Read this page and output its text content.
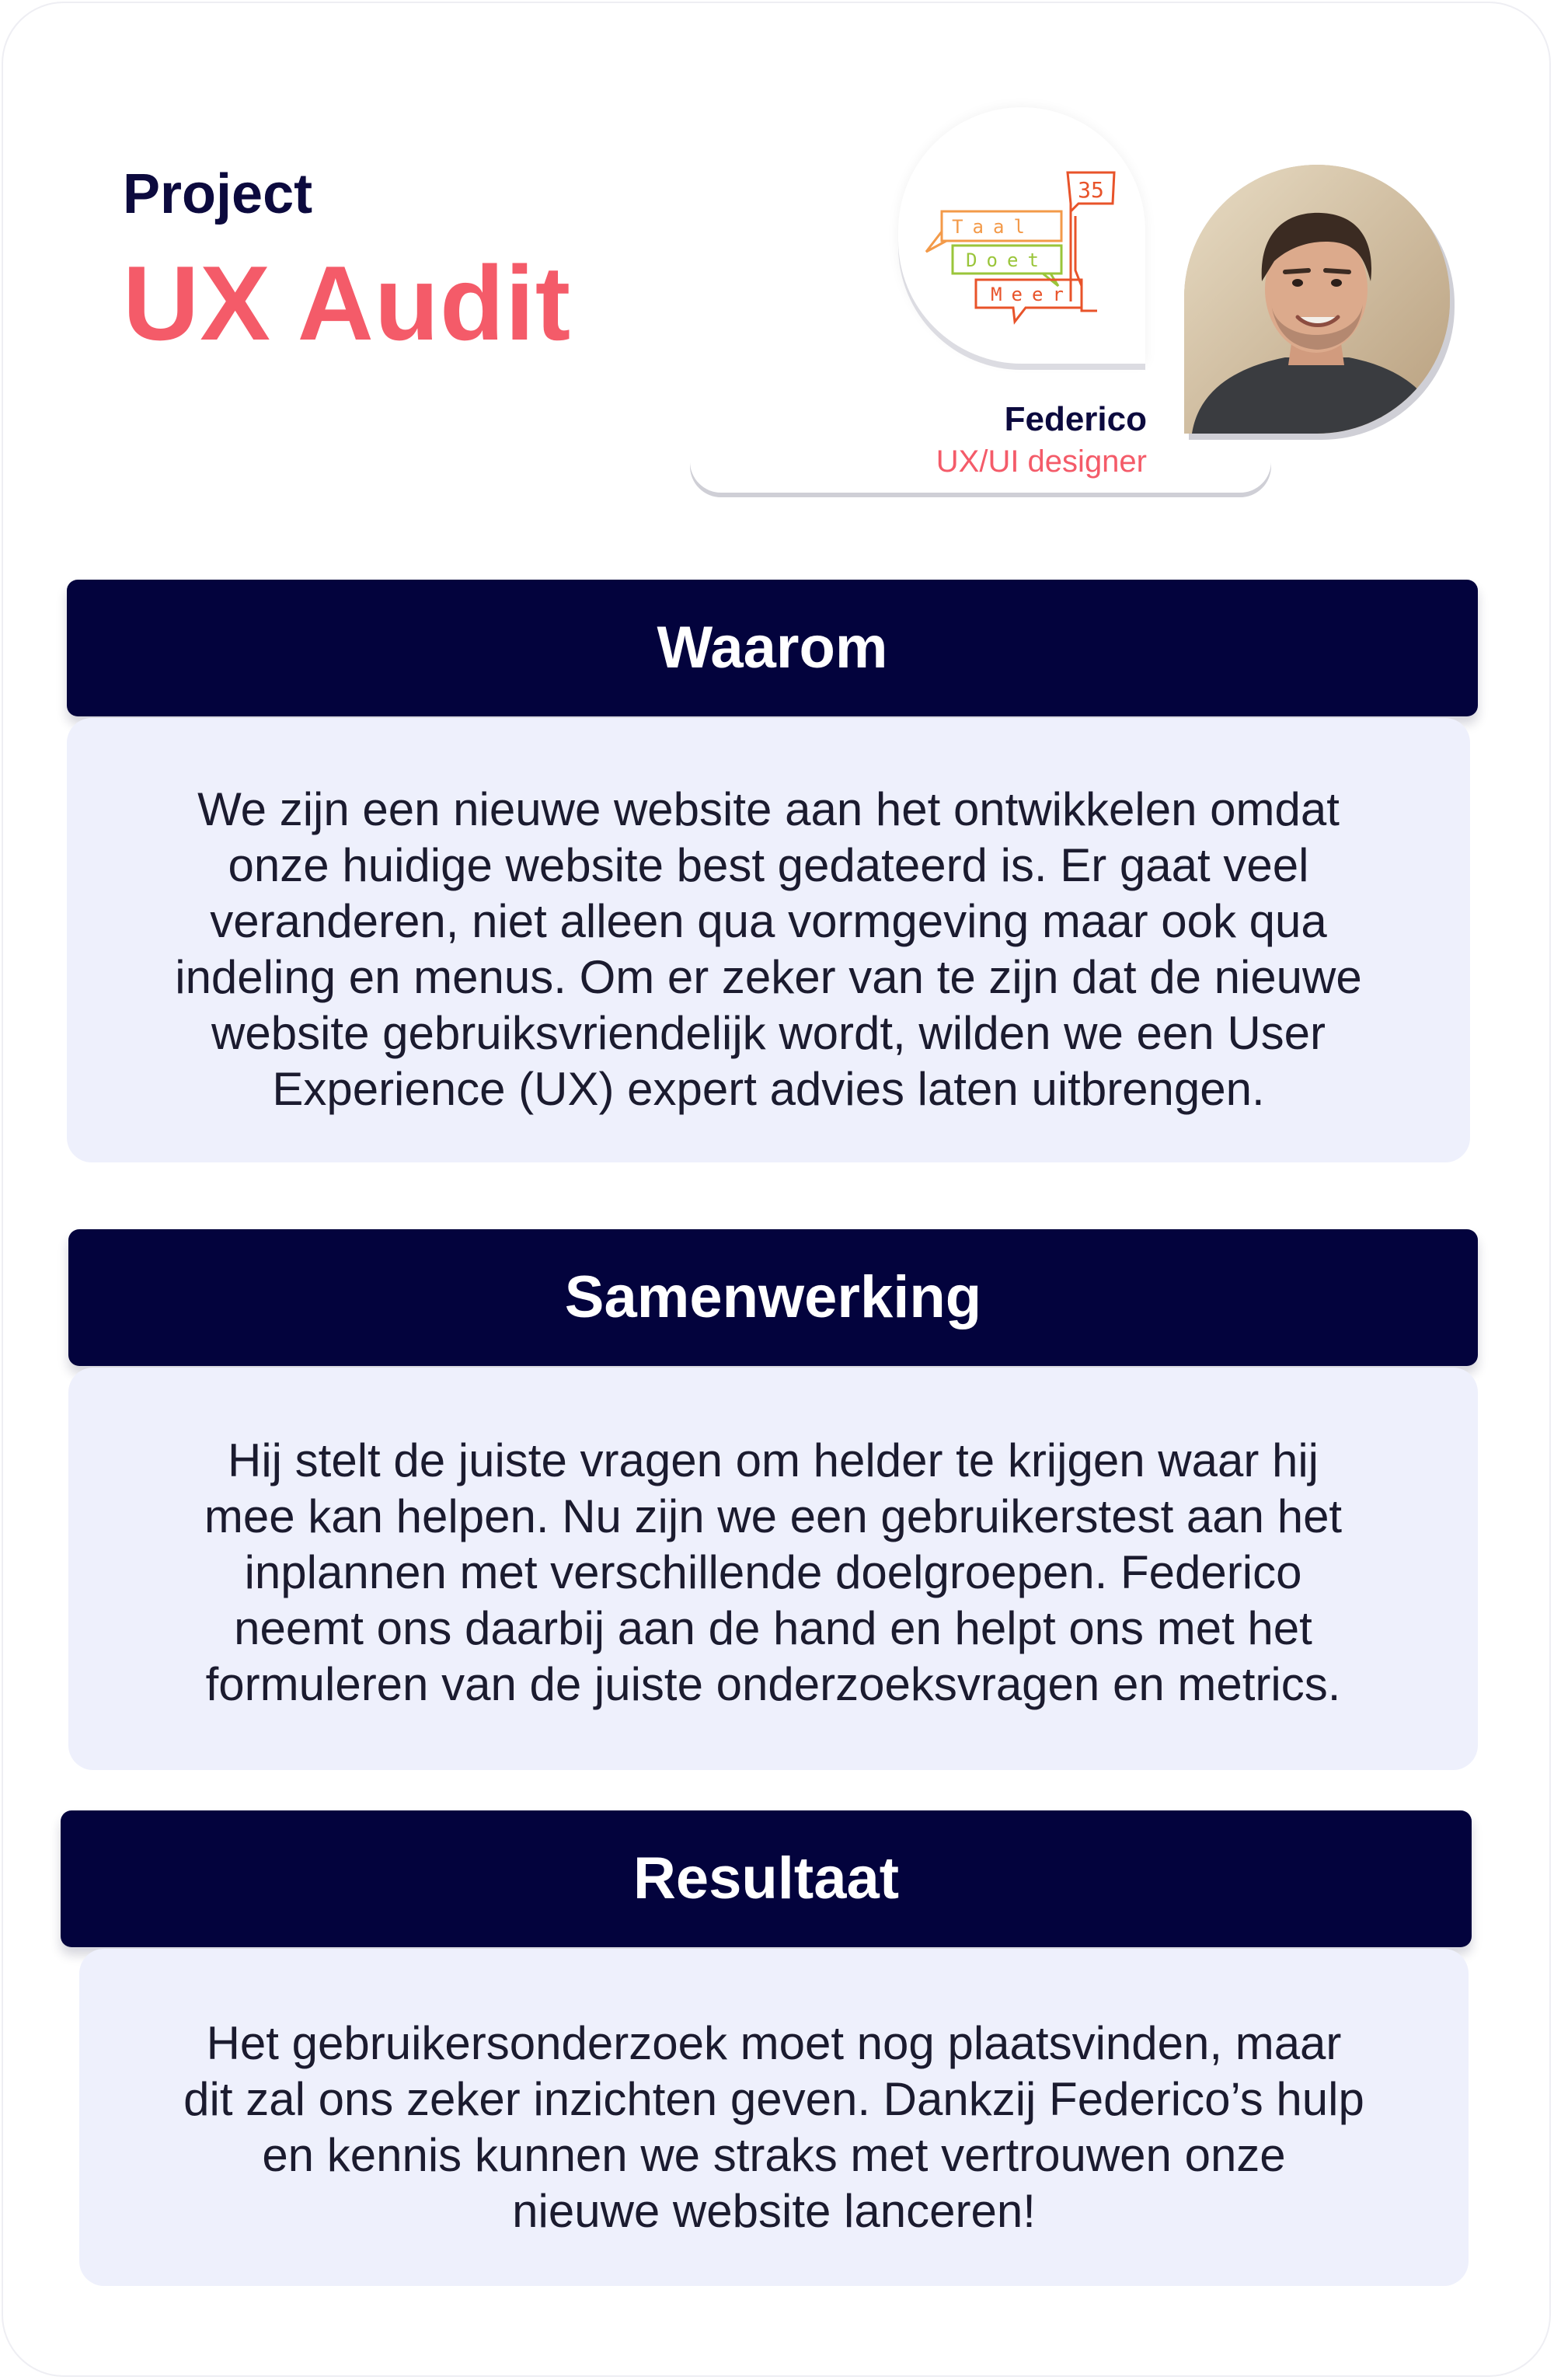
Project
UX Audit
Federico
UX/UI designer
35
Taal
Doet
Meer
Waarom

We zijn een nieuwe website aan het ontwikkelen omdat

onze huidige website best gedateerd is. Er gaat veel

veranderen, niet alleen qua vormgeving maar ook qua

indeling en menus. Om er zeker van te zijn dat de nieuwe

website gebruiksvriendelijk wordt, wilden we een User

Experience (UX) expert advies laten uitbrengen.

Samenwerking

Hij stelt de juiste vragen om helder te krijgen waar hij

mee kan helpen. Nu zijn we een gebruikerstest aan het

inplannen met verschillende doelgroepen. Federico

neemt ons daarbij aan de hand en helpt ons met het

formuleren van de juiste onderzoeksvragen en metrics.

Resultaat

Het gebruikersonderzoek moet nog plaatsvinden, maar

dit zal ons zeker inzichten geven. Dankzij Federico’s hulp

en kennis kunnen we straks met vertrouwen onze

nieuwe website lanceren!
